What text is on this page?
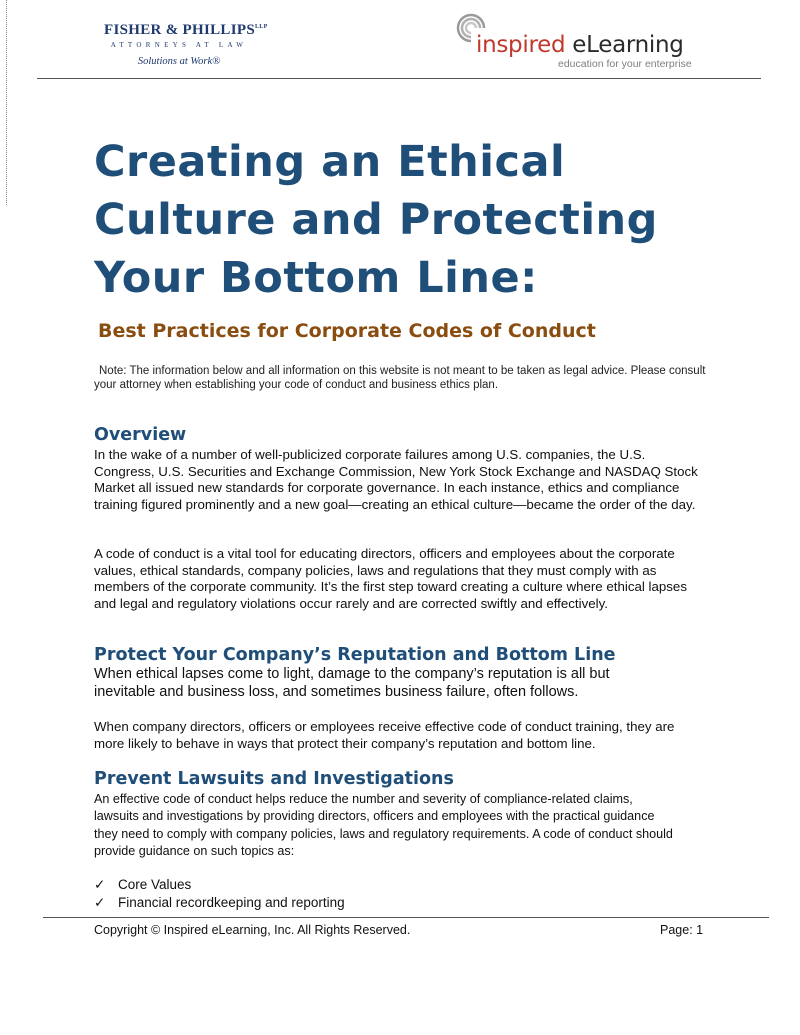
FISHER & $PHILLIPS^{LLP}$
ATTORNEYS AT LAW
Solutions at Work®
inspired eLearning
education for your enterprise
Creating an Ethical Culture and Protecting Your Bottom Line:
Best Practices for Corporate Codes of Conduct

Note: The information below and all information on this website is not meant to be taken as legal advice. Please consult your attorney when establishing your code of conduct and business ethics plan.

Overview

In the wake of a number of well-publicized corporate failures among U.S. companies, the U.S. Congress, U.S. Securities and Exchange Commission, New York Stock Exchange and NASDAQ Stock Market all issued new standards for corporate governance. In each instance, ethics and compliance training figured prominently and a new goal—creating an ethical culture—became the order of the day.

A code of conduct is a vital tool for educating directors, officers and employees about the corporate values, ethical standards, company policies, laws and regulations that they must comply with as members of the corporate community. It’s the first step toward creating a culture where ethical lapses and legal and regulatory violations occur rarely and are corrected swiftly and effectively.

Protect Your Company’s Reputation and Bottom Line

When ethical lapses come to light, damage to the company’s reputation is all but inevitable and business loss, and sometimes business failure, often follows.

When company directors, officers or employees receive effective code of conduct training, they are more likely to behave in ways that protect their company’s reputation and bottom line.

Prevent Lawsuits and Investigations

An effective code of conduct helps reduce the number and severity of compliance-related claims, lawsuits and investigations by providing directors, officers and employees with the practical guidance they need to comply with company policies, laws and regulatory requirements. A code of conduct should provide guidance on such topics as:

✓ Core Values
✓ Financial recordkeeping and reporting
Copyright © Inspired eLearning, Inc. All Rights Reserved.	Page: 1
